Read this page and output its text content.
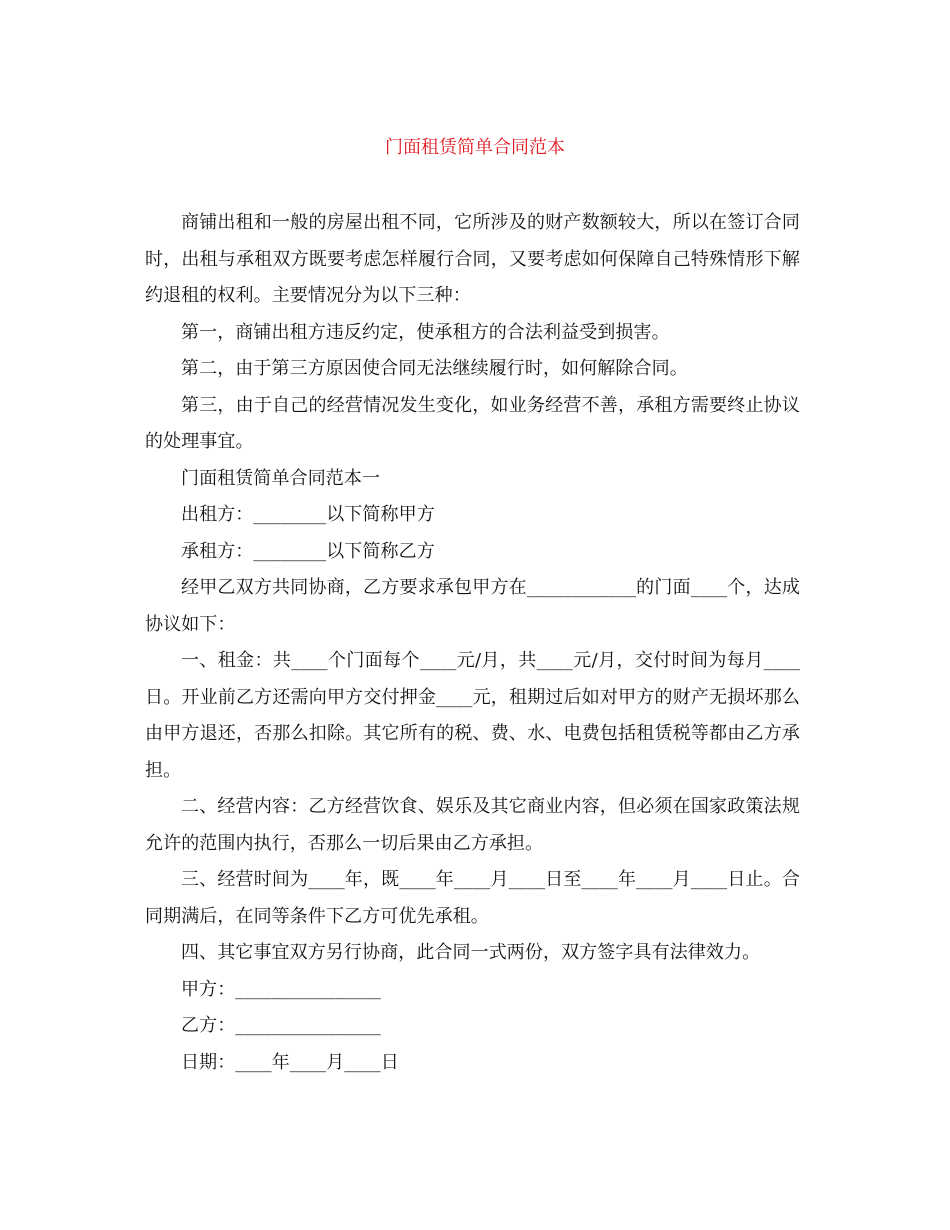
门面租赁简单合同范本

商铺出租和一般的房屋出租不同，它所涉及的财产数额较大，所以在签订合同时，出租与承租双方既要考虑怎样履行合同，又要考虑如何保障自己特殊情形下解约退租的权利。主要情况分为以下三种：

第一，商铺出租方违反约定，使承租方的合法利益受到损害。

第二，由于第三方原因使合同无法继续履行时，如何解除合同。

第三，由于自己的经营情况发生变化，如业务经营不善，承租方需要终止协议的处理事宜。

门面租赁简单合同范本一

出租方：________以下简称甲方

承租方：________以下简称乙方

经甲乙双方共同协商，乙方要求承包甲方在____________的门面____个，达成协议如下：

一、租金：共____个门面每个____元/月，共____元/月，交付时间为每月____日。开业前乙方还需向甲方交付押金____元，租期过后如对甲方的财产无损坏那么由甲方退还，否那么扣除。其它所有的税、费、水、电费包括租赁税等都由乙方承担。

二、经营内容：乙方经营饮食、娱乐及其它商业内容，但必须在国家政策法规允许的范围内执行，否那么一切后果由乙方承担。

三、经营时间为____年，既____年____月____日至____年____月____日止。合同期满后，在同等条件下乙方可优先承租。

四、其它事宜双方另行协商，此合同一式两份，双方签字具有法律效力。

甲方：________________

乙方：________________

日期：____年____月____日
